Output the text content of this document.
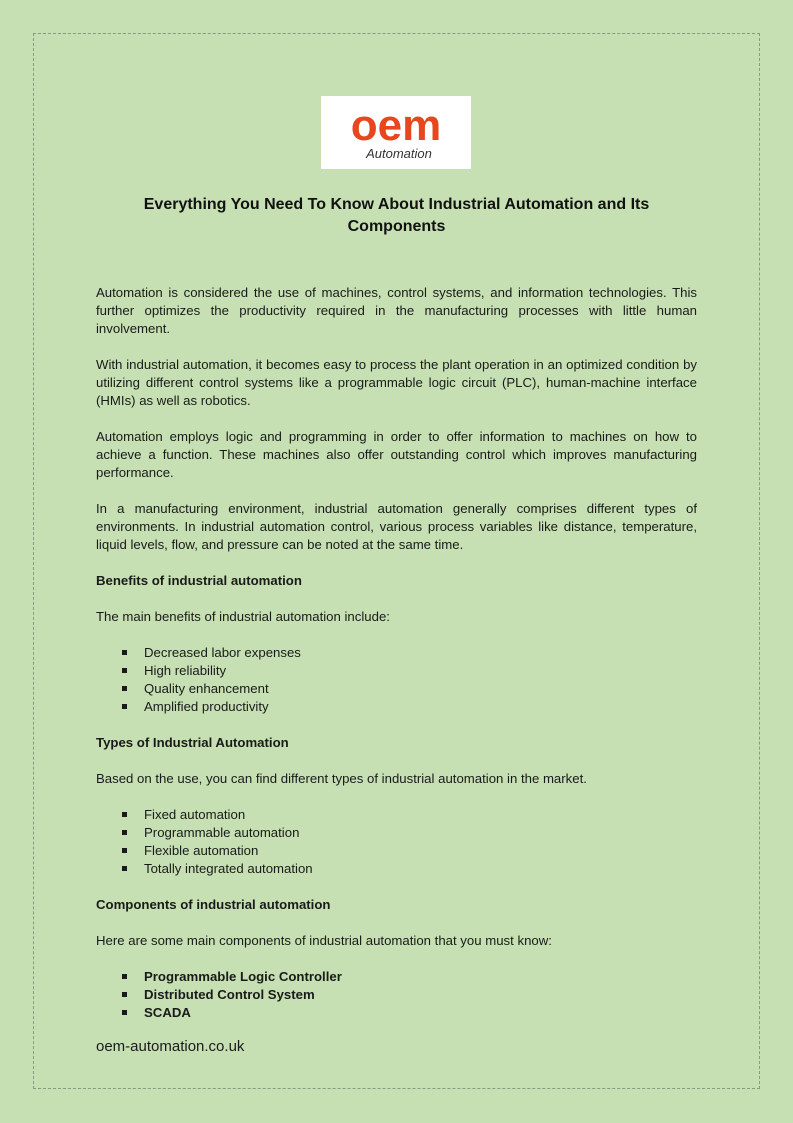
oem
Automation
Everything You Need To Know About Industrial Automation and Its Components

Automation is considered the use of machines, control systems, and information technologies. This further optimizes the productivity required in the manufacturing processes with little human involvement.

With industrial automation, it becomes easy to process the plant operation in an optimized condition by utilizing different control systems like a programmable logic circuit (PLC), human-machine interface (HMIs) as well as robotics.

Automation employs logic and programming in order to offer information to machines on how to achieve a function. These machines also offer outstanding control which improves manufacturing performance.

In a manufacturing environment, industrial automation generally comprises different types of environments. In industrial automation control, various process variables like distance, temperature, liquid levels, flow, and pressure can be noted at the same time.

Benefits of industrial automation

The main benefits of industrial automation include:

Decreased labor expenses
High reliability
Quality enhancement
Amplified productivity
Types of Industrial Automation

Based on the use, you can find different types of industrial automation in the market.

Fixed automation
Programmable automation
Flexible automation
Totally integrated automation
Components of industrial automation

Here are some main components of industrial automation that you must know:

Programmable Logic Controller
Distributed Control System
SCADA
oem-automation.co.uk
